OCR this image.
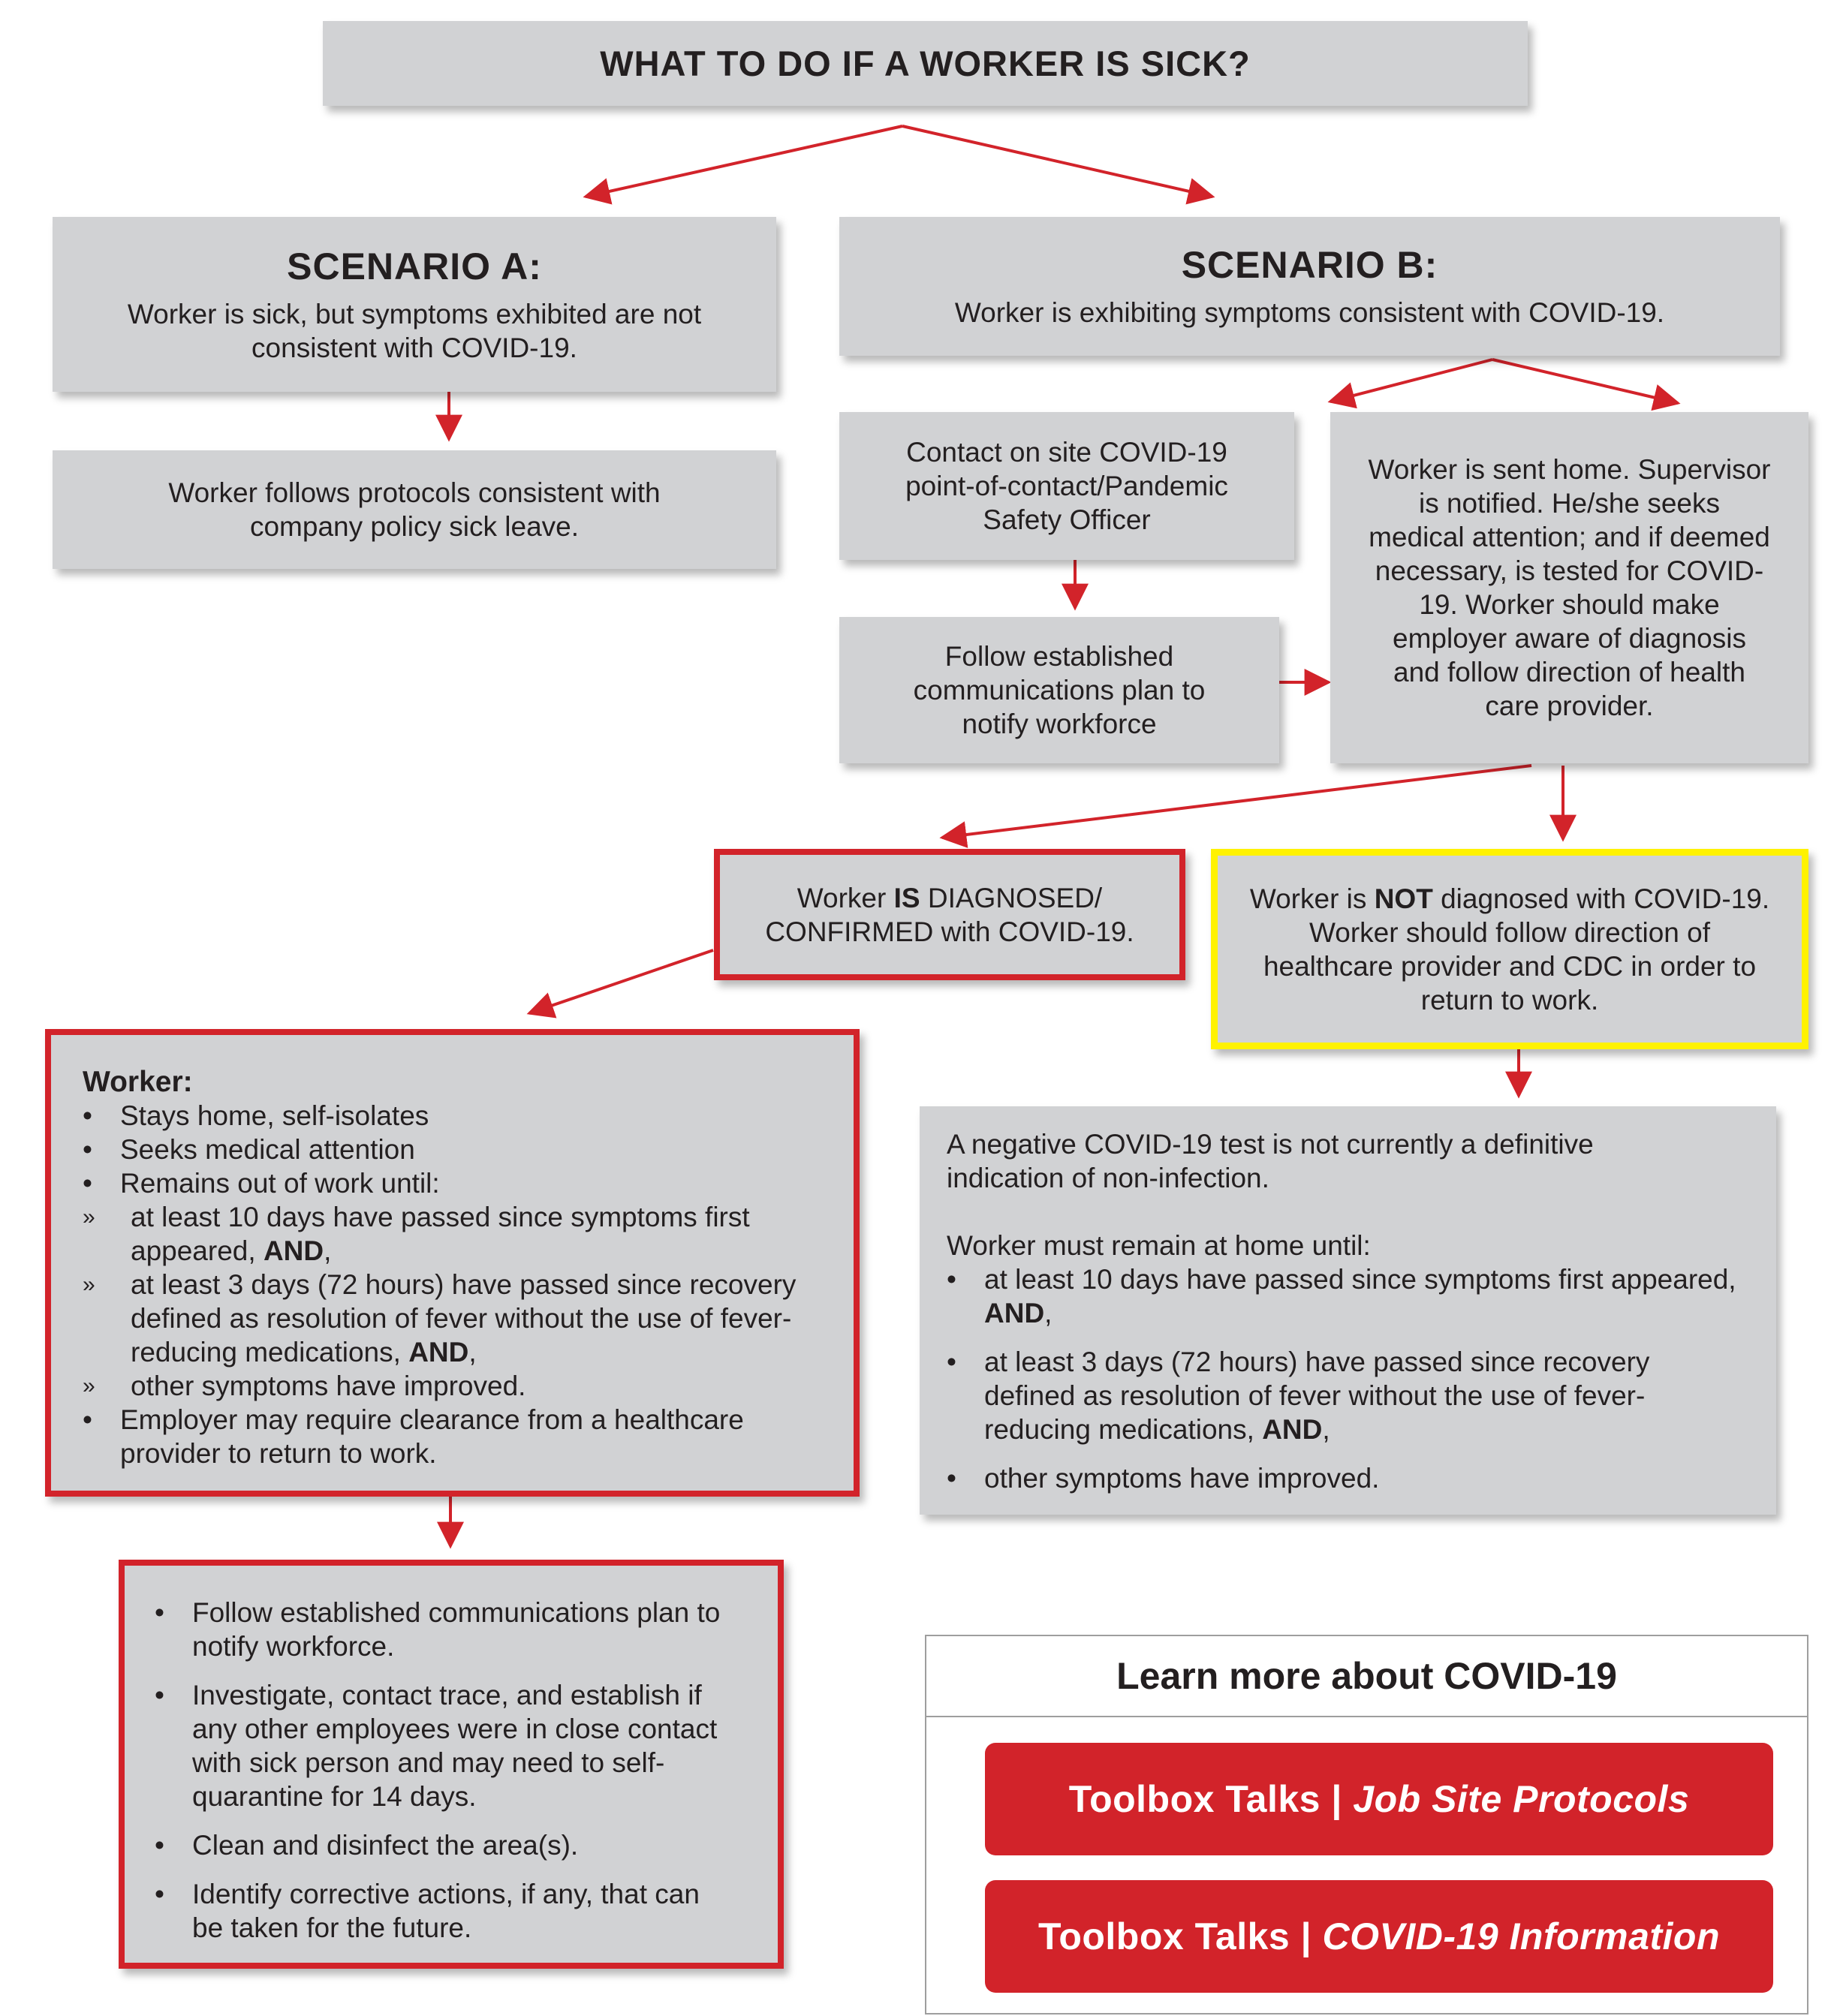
WHAT TO DO IF A WORKER IS SICK?
SCENARIO A:
Worker is sick, but symptoms exhibited are not consistent with COVID-19.
Worker follows protocols consistent with company policy sick leave.
SCENARIO B:
Worker is exhibiting symptoms consistent with COVID-19.
Contact on site COVID-19 point-of-contact/Pandemic Safety Officer
Follow established communications plan to notify workforce
Worker is sent home. Supervisor is notified. He/she seeks medical attention; and if deemed necessary, is tested for COVID-19. Worker should make employer aware of diagnosis and follow direction of health care provider.
Worker IS DIAGNOSED/ CONFIRMED with COVID-19.
Worker is NOT diagnosed with COVID-19. Worker should follow direction of healthcare provider and CDC in order to return to work.
Worker:
• Stays home, self-isolates
• Seeks medical attention
• Remains out of work until:
» at least 10 days have passed since symptoms first appeared, AND,
» at least 3 days (72 hours) have passed since recovery defined as resolution of fever without the use of fever-reducing medications, AND,
» other symptoms have improved.
• Employer may require clearance from a healthcare provider to return to work.
A negative COVID-19 test is not currently a definitive indication of non-infection.
Worker must remain at home until:
• at least 10 days have passed since symptoms first appeared, AND,
• at least 3 days (72 hours) have passed since recovery defined as resolution of fever without the use of fever-reducing medications, AND,
• other symptoms have improved.
• Follow established communications plan to notify workforce.
• Investigate, contact trace, and establish if any other employees were in close contact with sick person and may need to self-quarantine for 14 days.
• Clean and disinfect the area(s).
• Identify corrective actions, if any, that can be taken for the future.
Learn more about COVID-19
Toolbox Talks |
Job Site Protocols
Toolbox Talks |
COVID-19 Information
